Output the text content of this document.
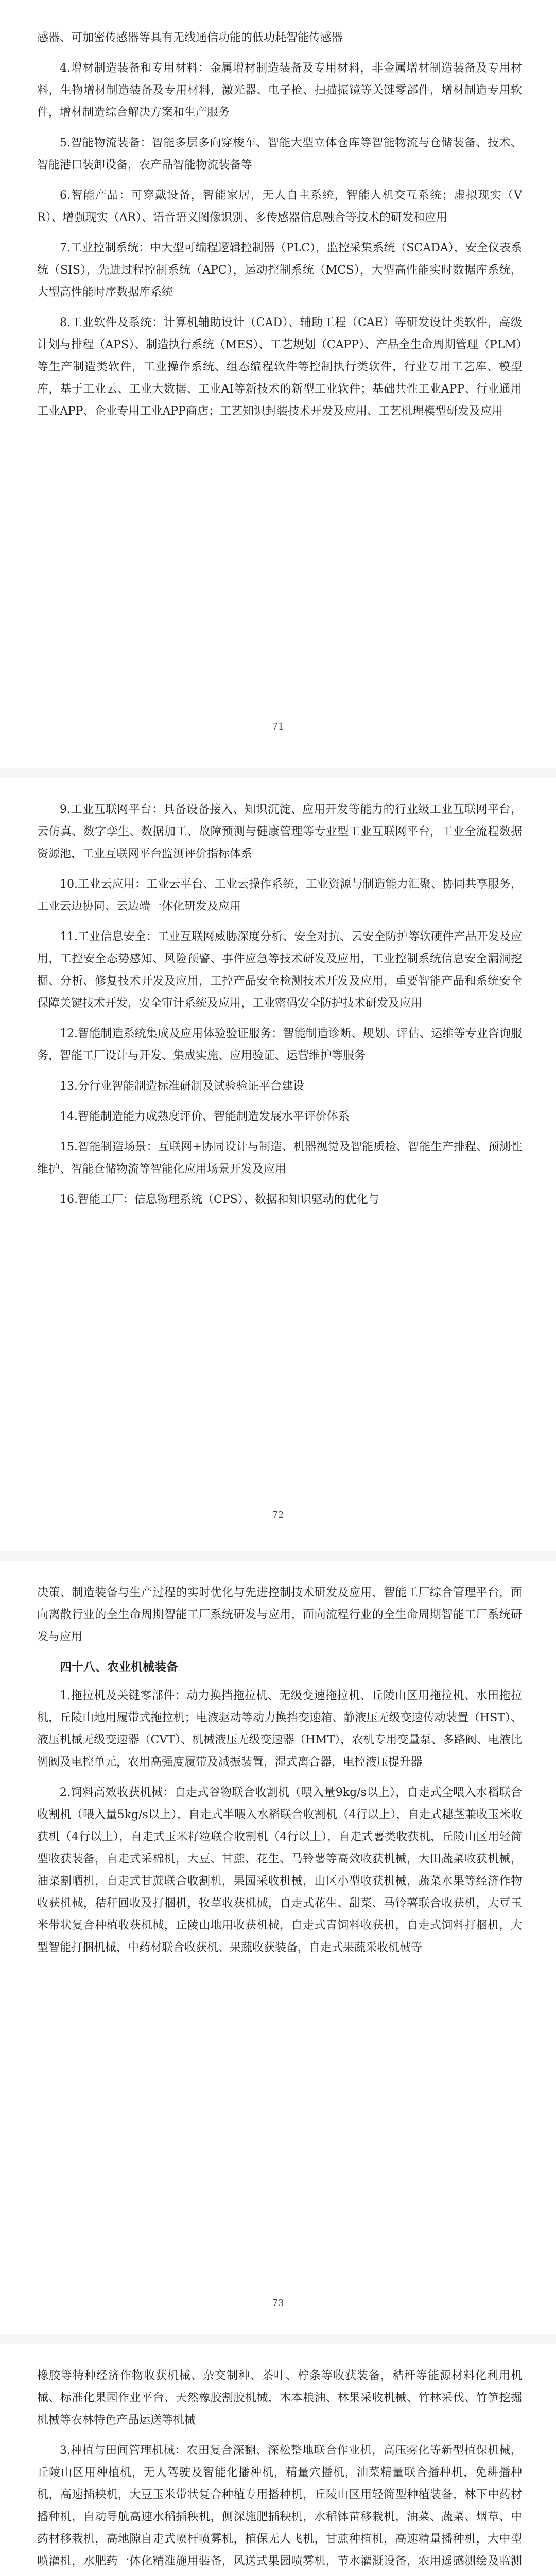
感器、可加密传感器等具有无线通信功能的低功耗智能传感器

4.增材制造装备和专用材料：金属增材制造装备及专用材料，非金属增材制造装备及专用材料，生物增材制造装备及专用材料，激光器、电子枪、扫描振镜等关键零部件，增材制造专用软件，增材制造综合解决方案和生产服务

5.智能物流装备：智能多层多向穿梭车、智能大型立体仓库等智能物流与仓储装备、技术、智能港口装卸设备，农产品智能物流装备等

6.智能产品：可穿戴设备，智能家居，无人自主系统，智能人机交互系统；虚拟现实（VR）、增强现实（AR）、语音语义图像识别、多传感器信息融合等技术的研发和应用

7.工业控制系统：中大型可编程逻辑控制器（PLC），监控采集系统（SCADA），安全仪表系统（SIS），先进过程控制系统（APC），运动控制系统（MCS），大型高性能实时数据库系统，大型高性能时序数据库系统

8.工业软件及系统：计算机辅助设计（CAD）、辅助工程（CAE）等研发设计类软件，高级计划与排程（APS）、制造执行系统（MES）、工艺规划（CAPP）、产品全生命周期管理（PLM）等生产制造类软件，工业操作系统、组态编程软件等控制执行类软件，行业专用工艺库、模型库，基于工业云、工业大数据、工业AI等新技术的新型工业软件；基础共性工业APP、行业通用工业APP、企业专用工业APP商店；工艺知识封装技术开发及应用、工艺机理模型研发及应用

71

9.工业互联网平台：具备设备接入、知识沉淀、应用开发等能力的行业级工业互联网平台，云仿真、数字孪生、数据加工、故障预测与健康管理等专业型工业互联网平台，工业全流程数据资源池，工业互联网平台监测评价指标体系

10.工业云应用：工业云平台、工业云操作系统，工业资源与制造能力汇聚、协同共享服务，工业云边协同、云边端一体化研发及应用

11.工业信息安全：工业互联网威胁深度分析、安全对抗、云安全防护等软硬件产品开发及应用，工控安全态势感知、风险预警、事件应急等技术研发及应用，工业控制系统信息安全漏洞挖掘、分析、修复技术开发及应用，工控产品安全检测技术开发及应用，重要智能产品和系统安全保障关键技术开发，安全审计系统及应用，工业密码安全防护技术研发及应用

12.智能制造系统集成及应用体验验证服务：智能制造诊断、规划、评估、运维等专业咨询服务，智能工厂设计与开发、集成实施、应用验证、运营维护等服务

13.分行业智能制造标准研制及试验验证平台建设

14.智能制造能力成熟度评价、智能制造发展水平评价体系

15.智能制造场景：互联网+协同设计与制造、机器视觉及智能质检、智能生产排程、预测性维护、智能仓储物流等智能化应用场景开发及应用

16.智能工厂：信息物理系统（CPS）、数据和知识驱动的优化与

72

决策、制造装备与生产过程的实时优化与先进控制技术研发及应用，智能工厂综合管理平台，面向离散行业的全生命周期智能工厂系统研发与应用，面向流程行业的全生命周期智能工厂系统研发与应用

四十八、农业机械装备

1.拖拉机及关键零部件：动力换挡拖拉机、无级变速拖拉机、丘陵山区用拖拉机、水田拖拉机，丘陵山地用履带式拖拉机；电液驱动等动力换挡变速箱、静液压无级变速传动装置（HST）、液压机械无级变速器（CVT）、机械液压无级变速器（HMT），农机专用变量泵、多路阀、电液比例阀及电控单元，农用高强度履带及减振装置，湿式离合器，电控液压提升器

2.饲料高效收获机械：自走式谷物联合收割机（喂入量9kg/s以上），自走式全喂入水稻联合收割机（喂入量5kg/s以上），自走式半喂入水稻联合收割机（4行以上），自走式穗茎兼收玉米收获机（4行以上），自走式玉米籽粒联合收割机（4行以上），自走式薯类收获机，丘陵山区用轻简型收获装备，自走式采棉机，大豆、甘蔗、花生、马铃薯等高效收获机械，大田蔬菜收获机械，油菜割晒机，自走式甘蔗联合收割机，果园采收机械，山区小型收获机械，蔬菜水果等经济作物收获机械，秸秆回收及打捆机，牧草收获机械，自走式花生、甜菜、马铃薯联合收获机，大豆玉米带状复合种植收获机械，丘陵山地用收获机械，自走式青饲料收获机，自走式饲料打捆机，大型智能打捆机械，中药材联合收获机、果蔬收获装备，自走式果蔬采收机械等

73

橡胶等特种经济作物收获机械、杂交制种、茶叶、柠条等收获装备，秸秆等能源材料化利用机械、标准化果园作业平台、天然橡胶割胶机械，木本粮油、林果采收机械、竹林采伐、竹笋挖掘机械等农林特色产品运送等机械

3.种植与田间管理机械：农田复合深翻、深松整地联合作业机，高压雾化等新型植保机械，丘陵山区用种植机，无人驾驶及智能化播种机，精量穴播机，油菜精量联合播种机，免耕播种机，高速插秧机，大豆玉米带状复合种植专用播种机，丘陵山区用轻简型种植装备，林下中药材播种机，自动导航高速水稻插秧机，侧深施肥插秧机，水稻钵苗移栽机，油菜、蔬菜、烟草、中药材移栽机，高地隙自走式喷杆喷雾机，植保无人飞机，甘蔗种植机，高速精量播种机，大中型喷灌机，水肥药一体化精准施用装备，风送式果园喷雾机，节水灌溉设备，农用遥感测绘及监测
